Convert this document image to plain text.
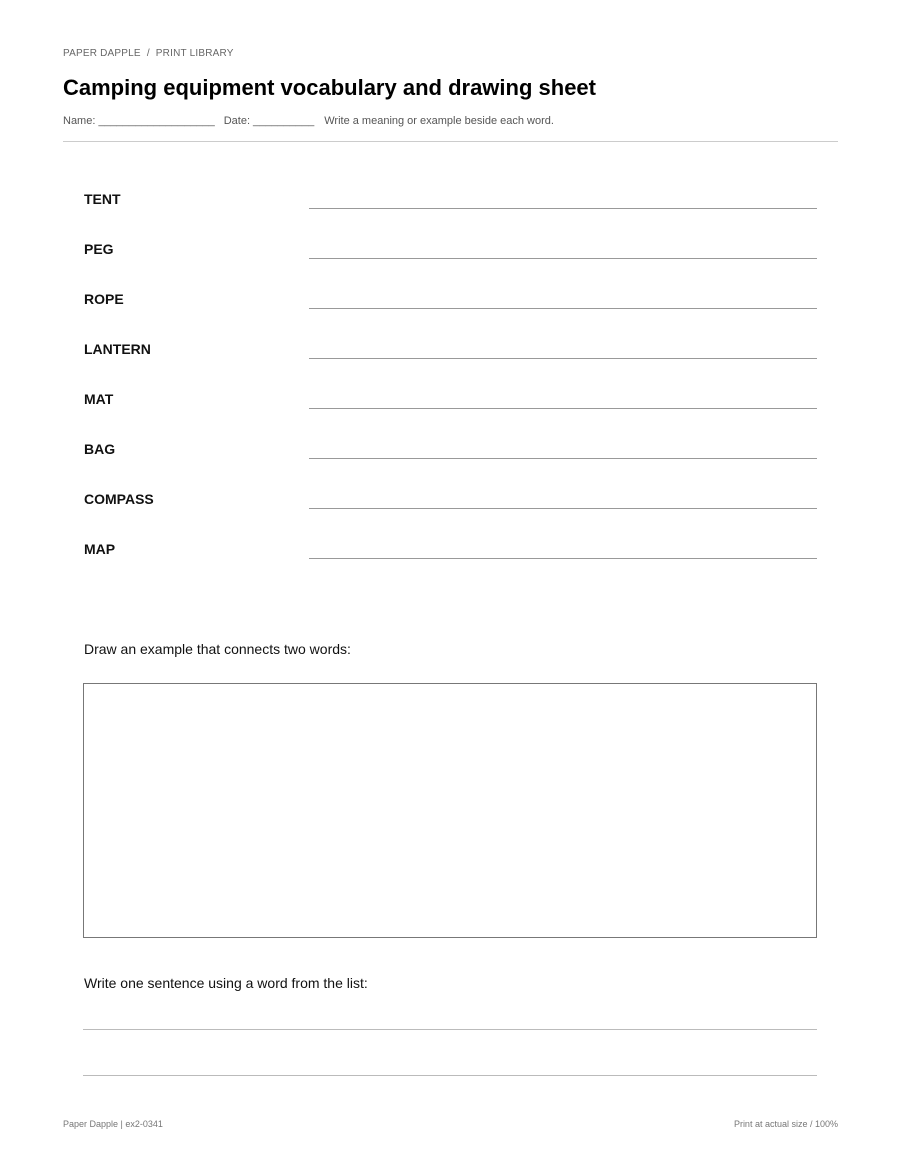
PAPER DAPPLE / PRINT LIBRARY
Camping equipment vocabulary and drawing sheet
Name: ___________________ Date: __________ Write a meaning or example beside each word.
TENT
PEG
ROPE
LANTERN
MAT
BAG
COMPASS
MAP
Draw an example that connects two words:
Write one sentence using a word from the list:
Paper Dapple | ex2-0341	Print at actual size / 100%
